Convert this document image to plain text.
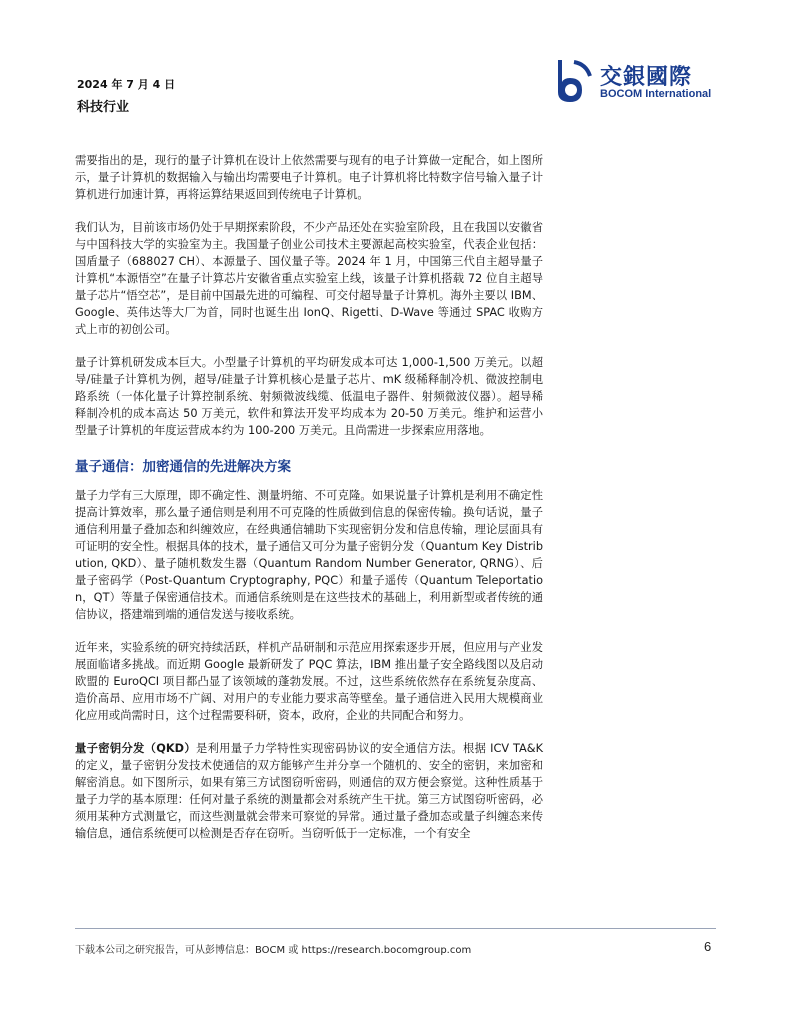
2024 年 7 月 4 日
科技行业
交銀國際
BOCOM International

需要指出的是，现行的量子计算机在设计上依然需要与现有的电子计算做一定配合，如上图所示，量子计算机的数据输入与输出均需要电子计算机。电子计算机将比特数字信号输入量子计算机进行加速计算，再将运算结果返回到传统电子计算机。

我们认为，目前该市场仍处于早期探索阶段，不少产品还处在实验室阶段，且在我国以安徽省与中国科技大学的实验室为主。我国量子创业公司技术主要源起高校实验室，代表企业包括：国盾量子（688027 CH）、本源量子、国仪量子等。2024 年 1 月，中国第三代自主超导量子计算机“本源悟空”在量子计算芯片安徽省重点实验室上线，该量子计算机搭载 72 位自主超导量子芯片“悟空芯”，是目前中国最先进的可编程、可交付超导量子计算机。海外主要以 IBM、Google、英伟达等大厂为首，同时也诞生出 IonQ、Rigetti、D-Wave 等通过 SPAC 收购方式上市的初创公司。

量子计算机研发成本巨大。小型量子计算机的平均研发成本可达 1,000-1,500 万美元。以超导/硅量子计算机为例，超导/硅量子计算机核心是量子芯片、mK 级稀释制冷机、微波控制电路系统（一体化量子计算控制系统、射频微波线缆、低温电子器件、射频微波仪器）。超导稀释制冷机的成本高达 50 万美元，软件和算法开发平均成本为 20-50 万美元。维护和运营小型量子计算机的年度运营成本约为 100-200 万美元。且尚需进一步探索应用落地。

量子通信：加密通信的先进解决方案

量子力学有三大原理，即不确定性、测量坍缩、不可克隆。如果说量子计算机是利用不确定性提高计算效率，那么量子通信则是利用不可克隆的性质做到信息的保密传输。换句话说，量子通信利用量子叠加态和纠缠效应，在经典通信辅助下实现密钥分发和信息传输，理论层面具有可证明的安全性。根据具体的技术，量子通信又可分为量子密钥分发（Quantum Key Distribution, QKD）、量子随机数发生器（Quantum Random Number Generator, QRNG）、后量子密码学（Post-Quantum Cryptography, PQC）和量子遥传（Quantum Teleportation，QT）等量子保密通信技术。而通信系统则是在这些技术的基础上，利用新型或者传统的通信协议，搭建端到端的通信发送与接收系统。

近年来，实验系统的研究持续活跃，样机产品研制和示范应用探索逐步开展，但应用与产业发展面临诸多挑战。而近期 Google 最新研发了 PQC 算法，IBM 推出量子安全路线图以及启动欧盟的 EuroQCI 项目都凸显了该领域的蓬勃发展。不过，这些系统依然存在系统复杂度高、造价高昂、应用市场不广阔、对用户的专业能力要求高等壁垒。量子通信进入民用大规模商业化应用或尚需时日，这个过程需要科研，资本，政府，企业的共同配合和努力。

量子密钥分发（QKD）是利用量子力学特性实现密码协议的安全通信方法。根据 ICV TA&K 的定义，量子密钥分发技术使通信的双方能够产生并分享一个随机的、安全的密钥，来加密和解密消息。如下图所示，如果有第三方试图窃听密码，则通信的双方便会察觉。这种性质基于量子力学的基本原理：任何对量子系统的测量都会对系统产生干扰。第三方试图窃听密码，必须用某种方式测量它，而这些测量就会带来可察觉的异常。通过量子叠加态或量子纠缠态来传输信息，通信系统便可以检测是否存在窃听。当窃听低于一定标准，一个有安全

下载本公司之研究报告，可从彭博信息：BOCM 或 https://research.bocomgroup.com	6
